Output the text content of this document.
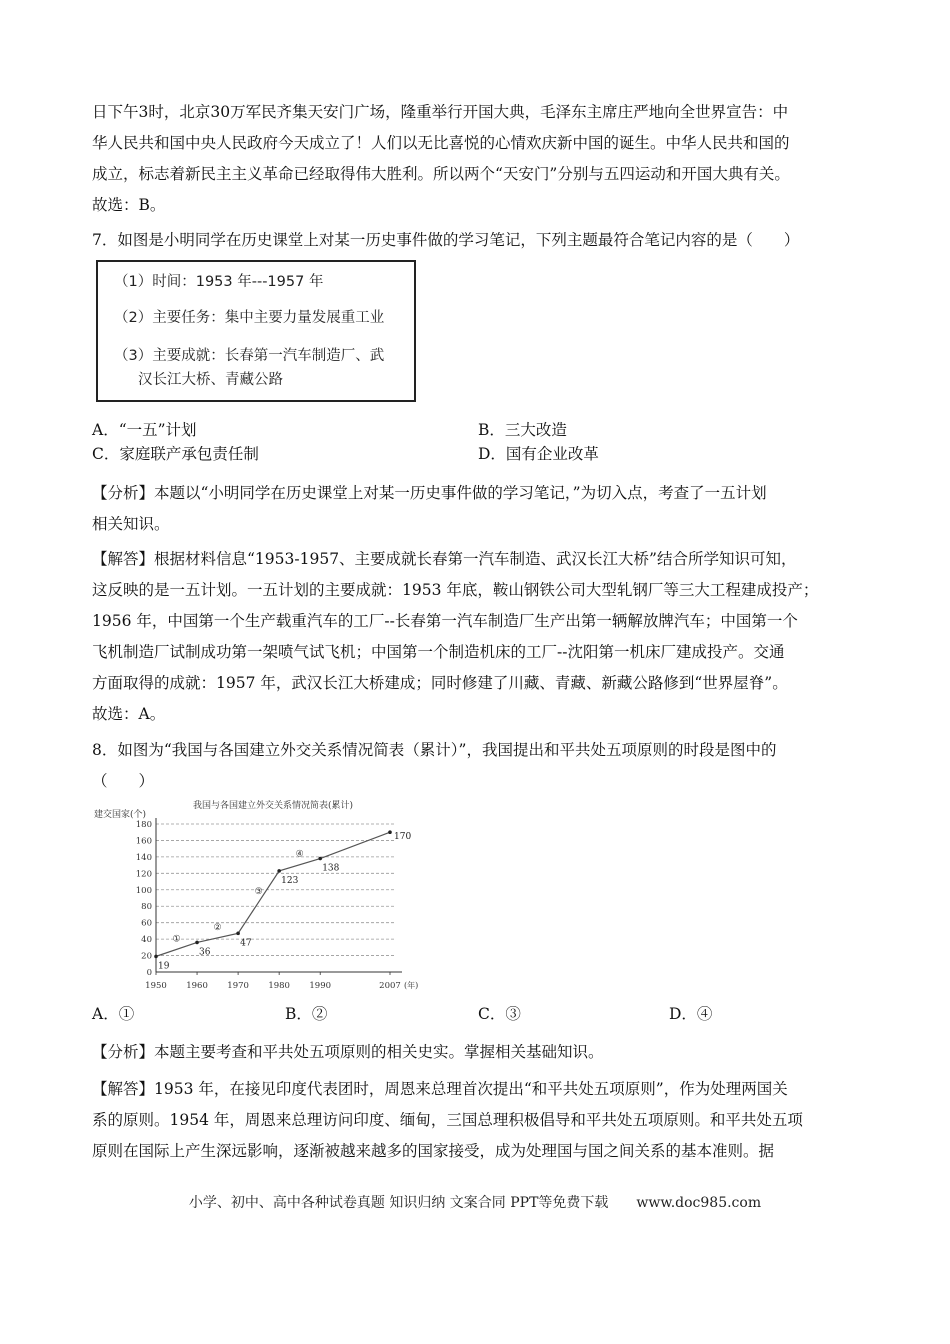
日下午3时，北京30万军民齐集天安门广场，隆重举行开国大典，毛泽东主席庄严地向全世界宣告：中
华人民共和国中央人民政府今天成立了！人们以无比喜悦的心情欢庆新中国的诞生。中华人民共和国的
成立，标志着新民主主义革命已经取得伟大胜利。所以两个“天安门”分别与五四运动和开国大典有关。
故选：B。
7．如图是小明同学在历史课堂上对某一历史事件做的学习笔记，下列主题最符合笔记内容的是（　　）
（1）时间：1953 年---1957 年
（2）主要任务：集中主要力量发展重工业
（3）主要成就：长春第一汽车制造厂、武
汉长江大桥、青藏公路
A．“一五”计划	B．三大改造
C．家庭联产承包责任制	D．国有企业改革
【分析】本题以“小明同学在历史课堂上对某一历史事件做的学习笔记，”为切入点，考查了一五计划
相关知识。
【解答】根据材料信息“1953-1957、主要成就长春第一汽车制造、武汉长江大桥”结合所学知识可知，
这反映的是一五计划。一五计划的主要成就：1953 年底，鞍山钢铁公司大型轧钢厂等三大工程建成投产；
1956 年，中国第一个生产载重汽车的工厂--长春第一汽车制造厂生产出第一辆解放牌汽车；中国第一个
飞机制造厂试制成功第一架喷气试飞机；中国第一个制造机床的工厂--沈阳第一机床厂建成投产。交通
方面取得的成就：1957 年，武汉长江大桥建成；同时修建了川藏、青藏、新藏公路修到“世界屋脊”。
故选：A。
8．如图为“我国与各国建立外交关系情况简表（累计）”，我国提出和平共处五项原则的时段是图中的
（　　）
我国与各国建立外交关系情况简表(累计)
建交国家(个)
(年)
0
20
40
60
80
100
120
140
160
180
1950 1960 1970 1980 1990	2007
19
36
47
123
138
170
①
②
③
④
A．①	B．②	C．③	D．④
【分析】本题主要考查和平共处五项原则的相关史实。掌握相关基础知识。
【解答】1953 年，在接见印度代表团时，周恩来总理首次提出“和平共处五项原则”，作为处理两国关
系的原则。1954 年，周恩来总理访问印度、缅甸，三国总理积极倡导和平共处五项原则。和平共处五项
原则在国际上产生深远影响，逐渐被越来越多的国家接受，成为处理国与国之间关系的基本准则。据
小学、初中、高中各种试卷真题 知识归纳 文案合同 PPT等免费下载　　www.doc985.com
